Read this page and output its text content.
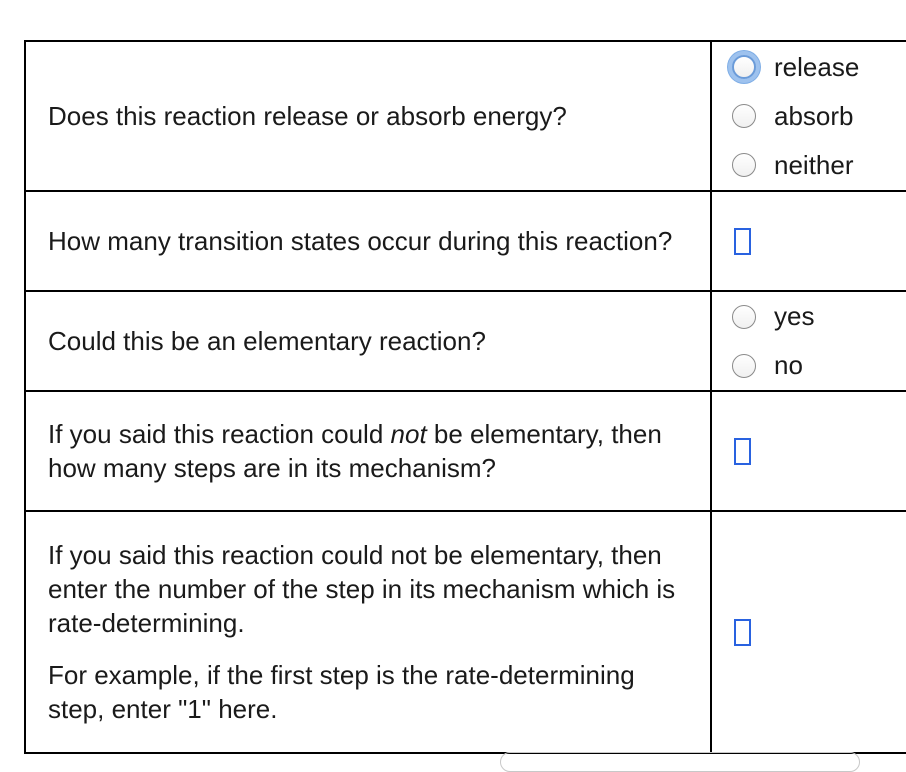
Does this reaction release or absorb energy?	release
absorb
neither

How many transition states occur during this reaction?	

Could this be an elementary reaction?	yes
no

If you said this reaction could not be elementary, then how many steps are in its mechanism?	

If you said this reaction could not be elementary, then enter the number of the step in its mechanism which is rate-determining.

For example, if the first step is the rate-determining step, enter "1" here.	
